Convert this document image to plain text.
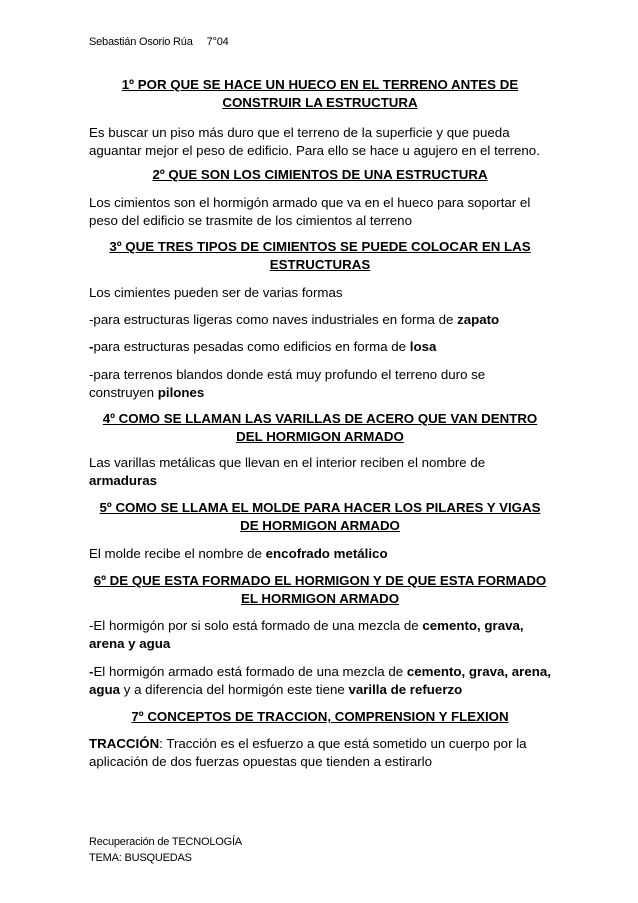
Sebastián Osorio Rúa 7°04
1º POR QUE SE HACE UN HUECO EN EL TERRENO ANTES DE CONSTRUIR LA ESTRUCTURA
Es buscar un piso más duro que el terreno de la superficie y que pueda aguantar mejor el peso de edificio. Para ello se hace u agujero en el terreno.
2º QUE SON LOS CIMIENTOS DE UNA ESTRUCTURA
Los cimientos son el hormigón armado que va en el hueco para soportar el peso del edificio se trasmite de los cimientos al terreno
3º QUE TRES TIPOS DE CIMIENTOS SE PUEDE COLOCAR EN LAS ESTRUCTURAS
Los cimientes pueden ser de varias formas
-para estructuras ligeras como naves industriales en forma de zapato
-para estructuras pesadas como edificios en forma de losa
-para terrenos blandos donde está muy profundo el terreno duro se construyen pilones
4º COMO SE LLAMAN LAS VARILLAS DE ACERO QUE VAN DENTRO DEL HORMIGON ARMADO
Las varillas metálicas que llevan en el interior reciben el nombre de armaduras
5º COMO SE LLAMA EL MOLDE PARA HACER LOS PILARES Y VIGAS DE HORMIGON ARMADO
El molde recibe el nombre de encofrado metálico
6º DE QUE ESTA FORMADO EL HORMIGON Y DE QUE ESTA FORMADO EL HORMIGON ARMADO
-El hormigón por si solo está formado de una mezcla de cemento, grava, arena y agua
-El hormigón armado está formado de una mezcla de cemento, grava, arena, agua y a diferencia del hormigón este tiene varilla de refuerzo
7º CONCEPTOS DE TRACCION, COMPRENSION Y FLEXION
TRACCIÓN: Tracción es el esfuerzo a que está sometido un cuerpo por la aplicación de dos fuerzas opuestas que tienden a estirarlo
Recuperación de TECNOLOGÍA
TEMA: BUSQUEDAS
